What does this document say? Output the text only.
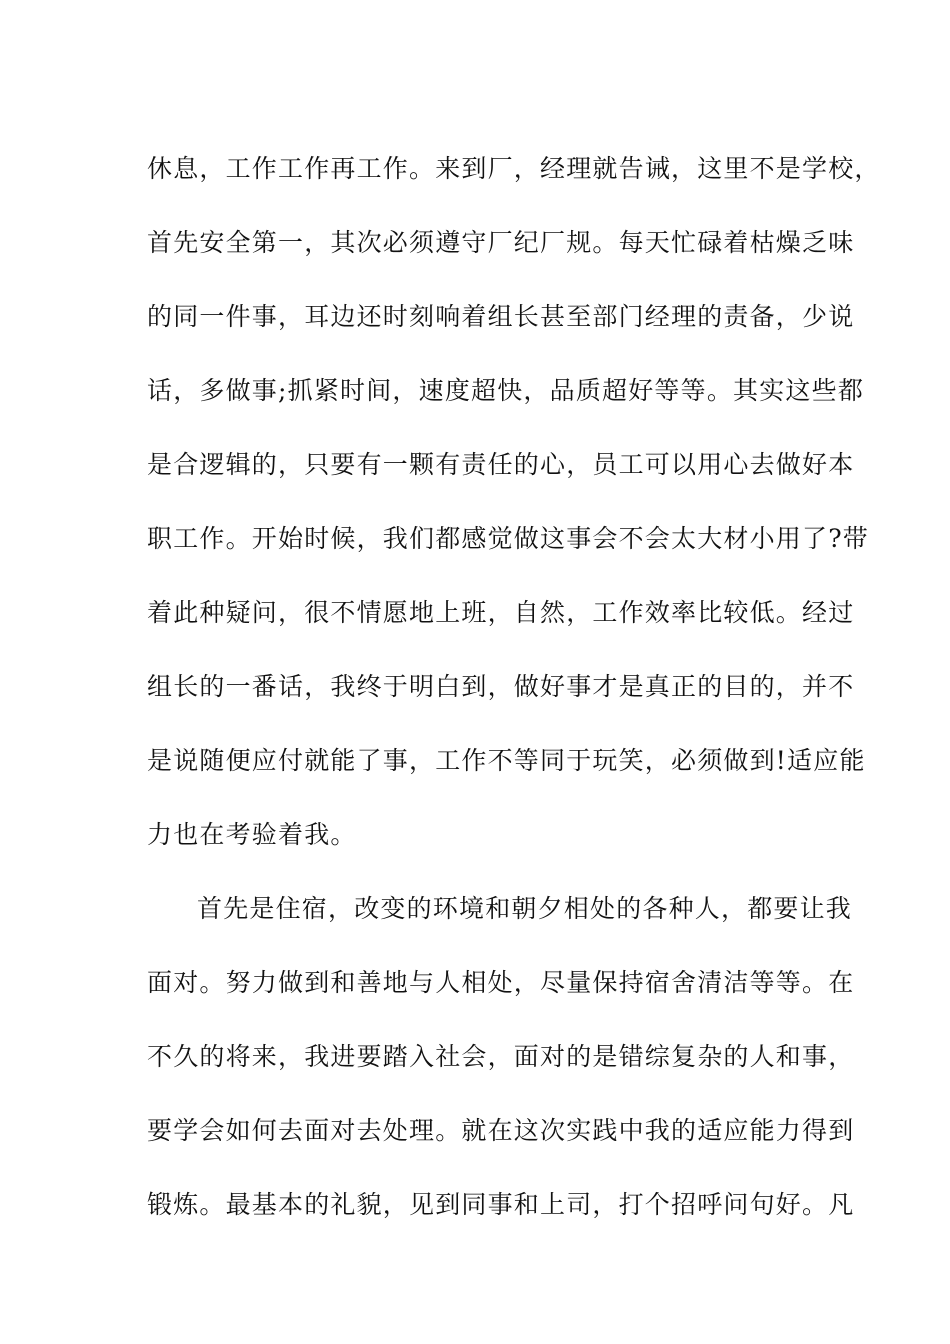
休息，工作工作再工作。来到厂，经理就告诫，这里不是学校，
首先安全第一，其次必须遵守厂纪厂规。每天忙碌着枯燥乏味
的同一件事，耳边还时刻响着组长甚至部门经理的责备，少说
话，多做事;抓紧时间，速度超快，品质超好等等。其实这些都
是合逻辑的，只要有一颗有责任的心，员工可以用心去做好本
职工作。开始时候，我们都感觉做这事会不会太大材小用了?带
着此种疑问，很不情愿地上班，自然，工作效率比较低。经过
组长的一番话，我终于明白到，做好事才是真正的目的，并不
是说随便应付就能了事，工作不等同于玩笑，必须做到!适应能
力也在考验着我。
首先是住宿，改变的环境和朝夕相处的各种人，都要让我
面对。努力做到和善地与人相处，尽量保持宿舍清洁等等。在
不久的将来，我进要踏入社会，面对的是错综复杂的人和事，
要学会如何去面对去处理。就在这次实践中我的适应能力得到
锻炼。最基本的礼貌，见到同事和上司，打个招呼问句好。凡
